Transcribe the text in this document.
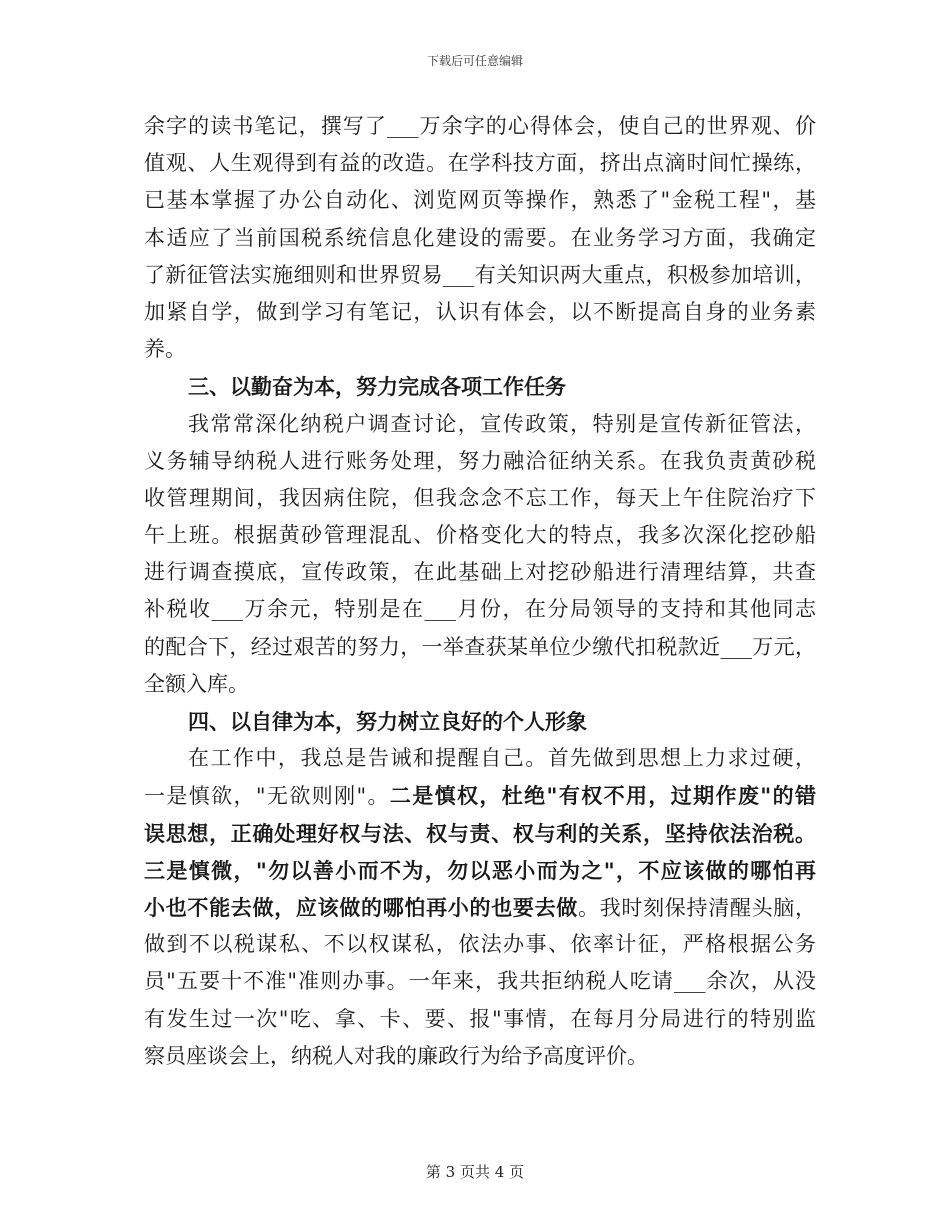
下载后可任意编辑
余字的读书笔记，撰写了___万余字的心得体会，使自己的世界观、价
值观、人生观得到有益的改造。在学科技方面，挤出点滴时间忙操练，
已基本掌握了办公自动化、浏览网页等操作，熟悉了"金税工程"，基
本适应了当前国税系统信息化建设的需要。在业务学习方面，我确定
了新征管法实施细则和世界贸易___有关知识两大重点，积极参加培训，
加紧自学，做到学习有笔记，认识有体会，以不断提高自身的业务素
养。
三、以勤奋为本，努力完成各项工作任务
我常常深化纳税户调查讨论，宣传政策，特别是宣传新征管法，
义务辅导纳税人进行账务处理，努力融洽征纳关系。在我负责黄砂税
收管理期间，我因病住院，但我念念不忘工作，每天上午住院治疗下
午上班。根据黄砂管理混乱、价格变化大的特点，我多次深化挖砂船
进行调查摸底，宣传政策，在此基础上对挖砂船进行清理结算，共查
补税收___万余元，特别是在___月份，在分局领导的支持和其他同志
的配合下，经过艰苦的努力，一举查获某单位少缴代扣税款近___万元，
全额入库。
四、以自律为本，努力树立良好的个人形象
在工作中，我总是告诫和提醒自己。首先做到思想上力求过硬，
一是慎欲，"无欲则刚"。二是慎权，杜绝"有权不用，过期作废"的错
误思想，正确处理好权与法、权与责、权与利的关系，坚持依法治税。
三是慎微，"勿以善小而不为，勿以恶小而为之"，不应该做的哪怕再
小也不能去做，应该做的哪怕再小的也要去做。我时刻保持清醒头脑，
做到不以税谋私、不以权谋私，依法办事、依率计征，严格根据公务
员"五要十不准"准则办事。一年来，我共拒纳税人吃请___余次，从没
有发生过一次"吃、拿、卡、要、报"事情，在每月分局进行的特别监
察员座谈会上，纳税人对我的廉政行为给予高度评价。
第 3 页共 4 页
